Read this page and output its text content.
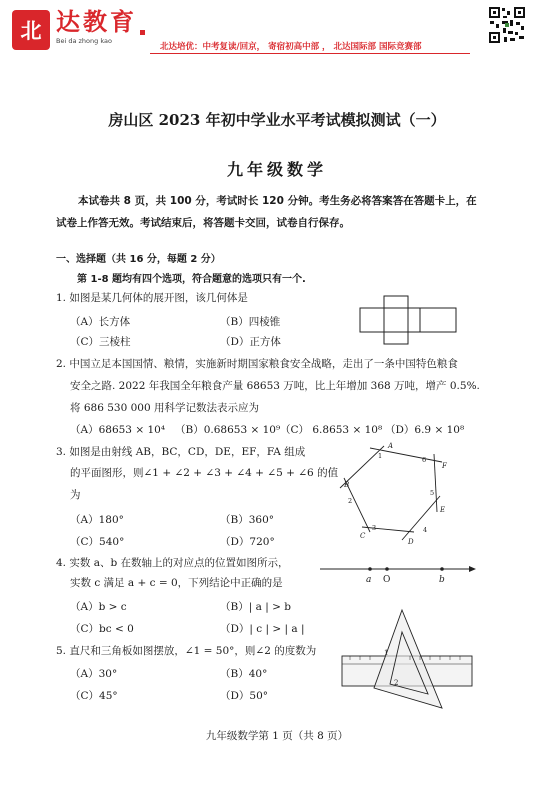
北 达教育
Bei da zhong kao
北达培优：中考复读/回京， 寄宿初高中部 ， 北达国际部 国际竞赛部
房山区 2023 年初中学业水平考试模拟测试（一）
九年级数学
本试卷共 8 页，共 100 分，考试时长 120 分钟。考生务必将答案答在答题卡上，在试卷上作答无效。考试结束后，将答题卡交回，试卷自行保存。
一、选择题（共 16 分，每题 2 分）
第 1-8 题均有四个选项，符合题意的选项只有一个.
1. 如图是某几何体的展开图，该几何体是
（A）长方体	（B）四棱锥
（C）三棱柱	（D）正方体
2. 中国立足本国国情、粮情，实施新时期国家粮食安全战略，走出了一条中国特色粮食
安全之路. 2022 年我国全年粮食产量 68653 万吨，比上年增加 368 万吨，增产 0.5%.
将 686 530 000 用科学记数法表示应为
（A）68653 × 10⁴ （B）0.68653 × 10⁹ （C） 6.8653 × 10⁸ （D）6.9 × 10⁸
3. 如图是由射线 AB，BC，CD，DE，EF，FA 组成
的平面图形，则∠1 + ∠2 + ∠3 + ∠4 + ∠5 + ∠6 的值
为
（A）180°	（B）360°
（C）540°	（D）720°
A
B
C
D
E
F
1
2
3	4
5
6
4. 实数 a、b 在数轴上的对应点的位置如图所示，
实数 c 满足 a + c = 0，下列结论中正确的是
（A）b > c	（B）| a | > b
（C）bc < 0	（D）| c | > | a |
a O	b
5. 直尺和三角板如图摆放，∠1 = 50°，则∠2 的度数为
（A）30°	（B）40°
（C）45°	（D）50°
1
2
九年级数学第 1 页（共 8 页）
